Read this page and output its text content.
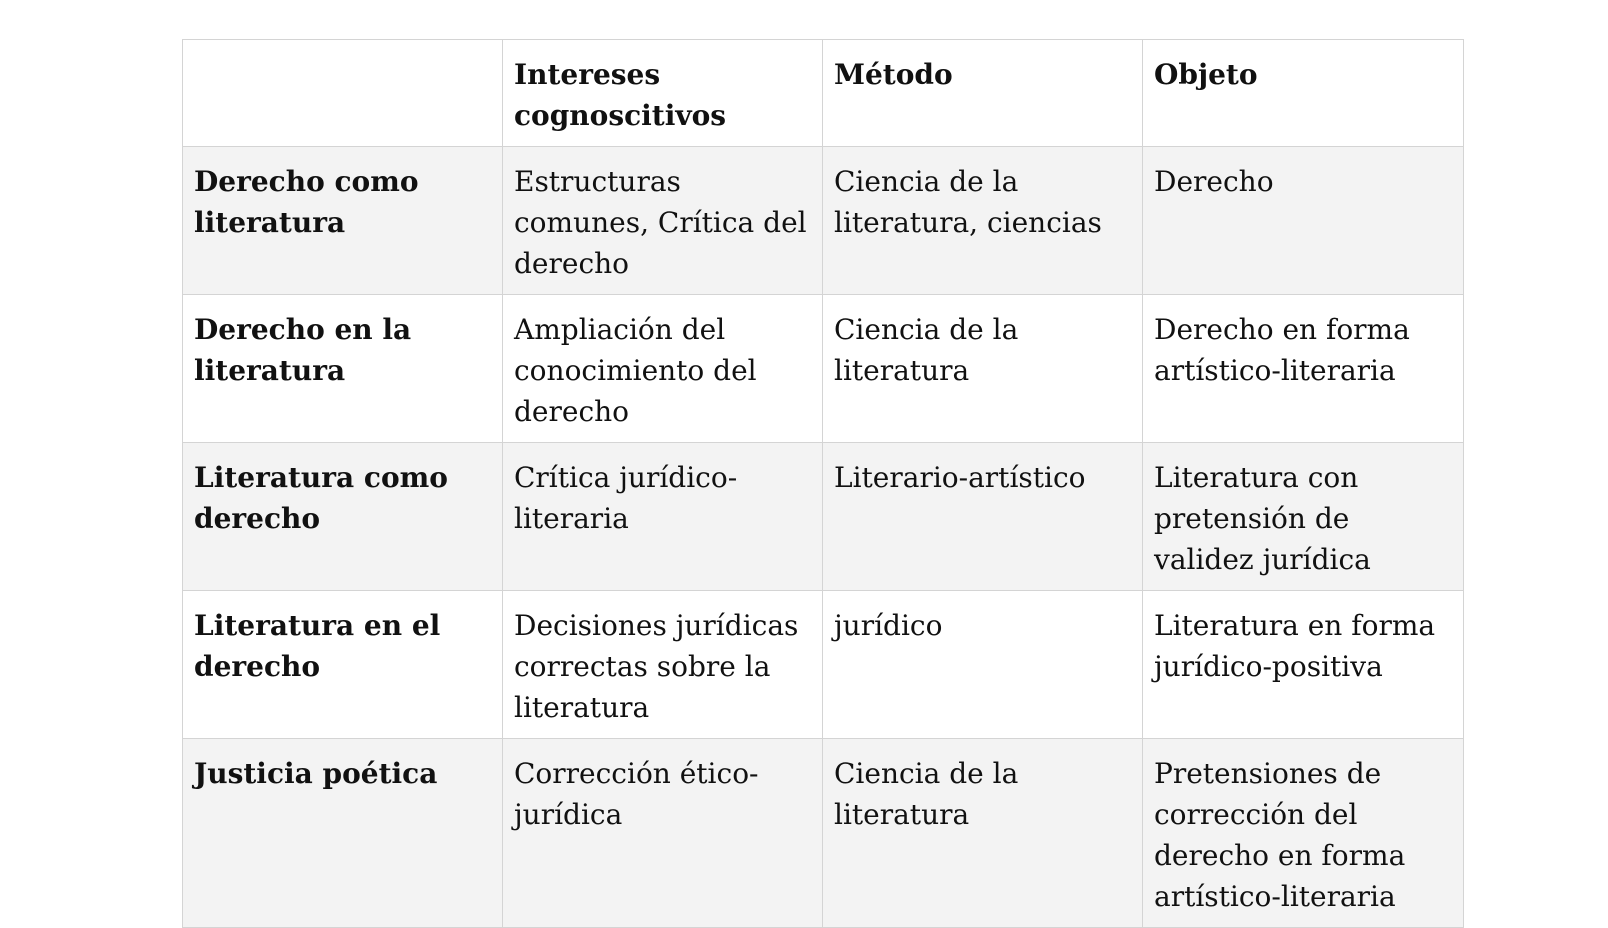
	Intereses cognoscitivos	Método	Objeto
Derecho como literatura	Estructuras comunes, Crítica del derecho	Ciencia de la literatura, ciencias	Derecho
Derecho en la literatura	Ampliación del conocimiento del derecho	Ciencia de la literatura	Derecho en forma artístico-literaria
Literatura como derecho	Crítica jurídico-literaria	Literario-artístico	Literatura con pretensión de validez jurídica
Literatura en el derecho	Decisiones jurídicas correctas sobre la literatura	jurídico	Literatura en forma jurídico-positiva
Justicia poética	Corrección ético-jurídica	Ciencia de la literatura	Pretensiones de corrección del derecho en forma artístico-literaria
